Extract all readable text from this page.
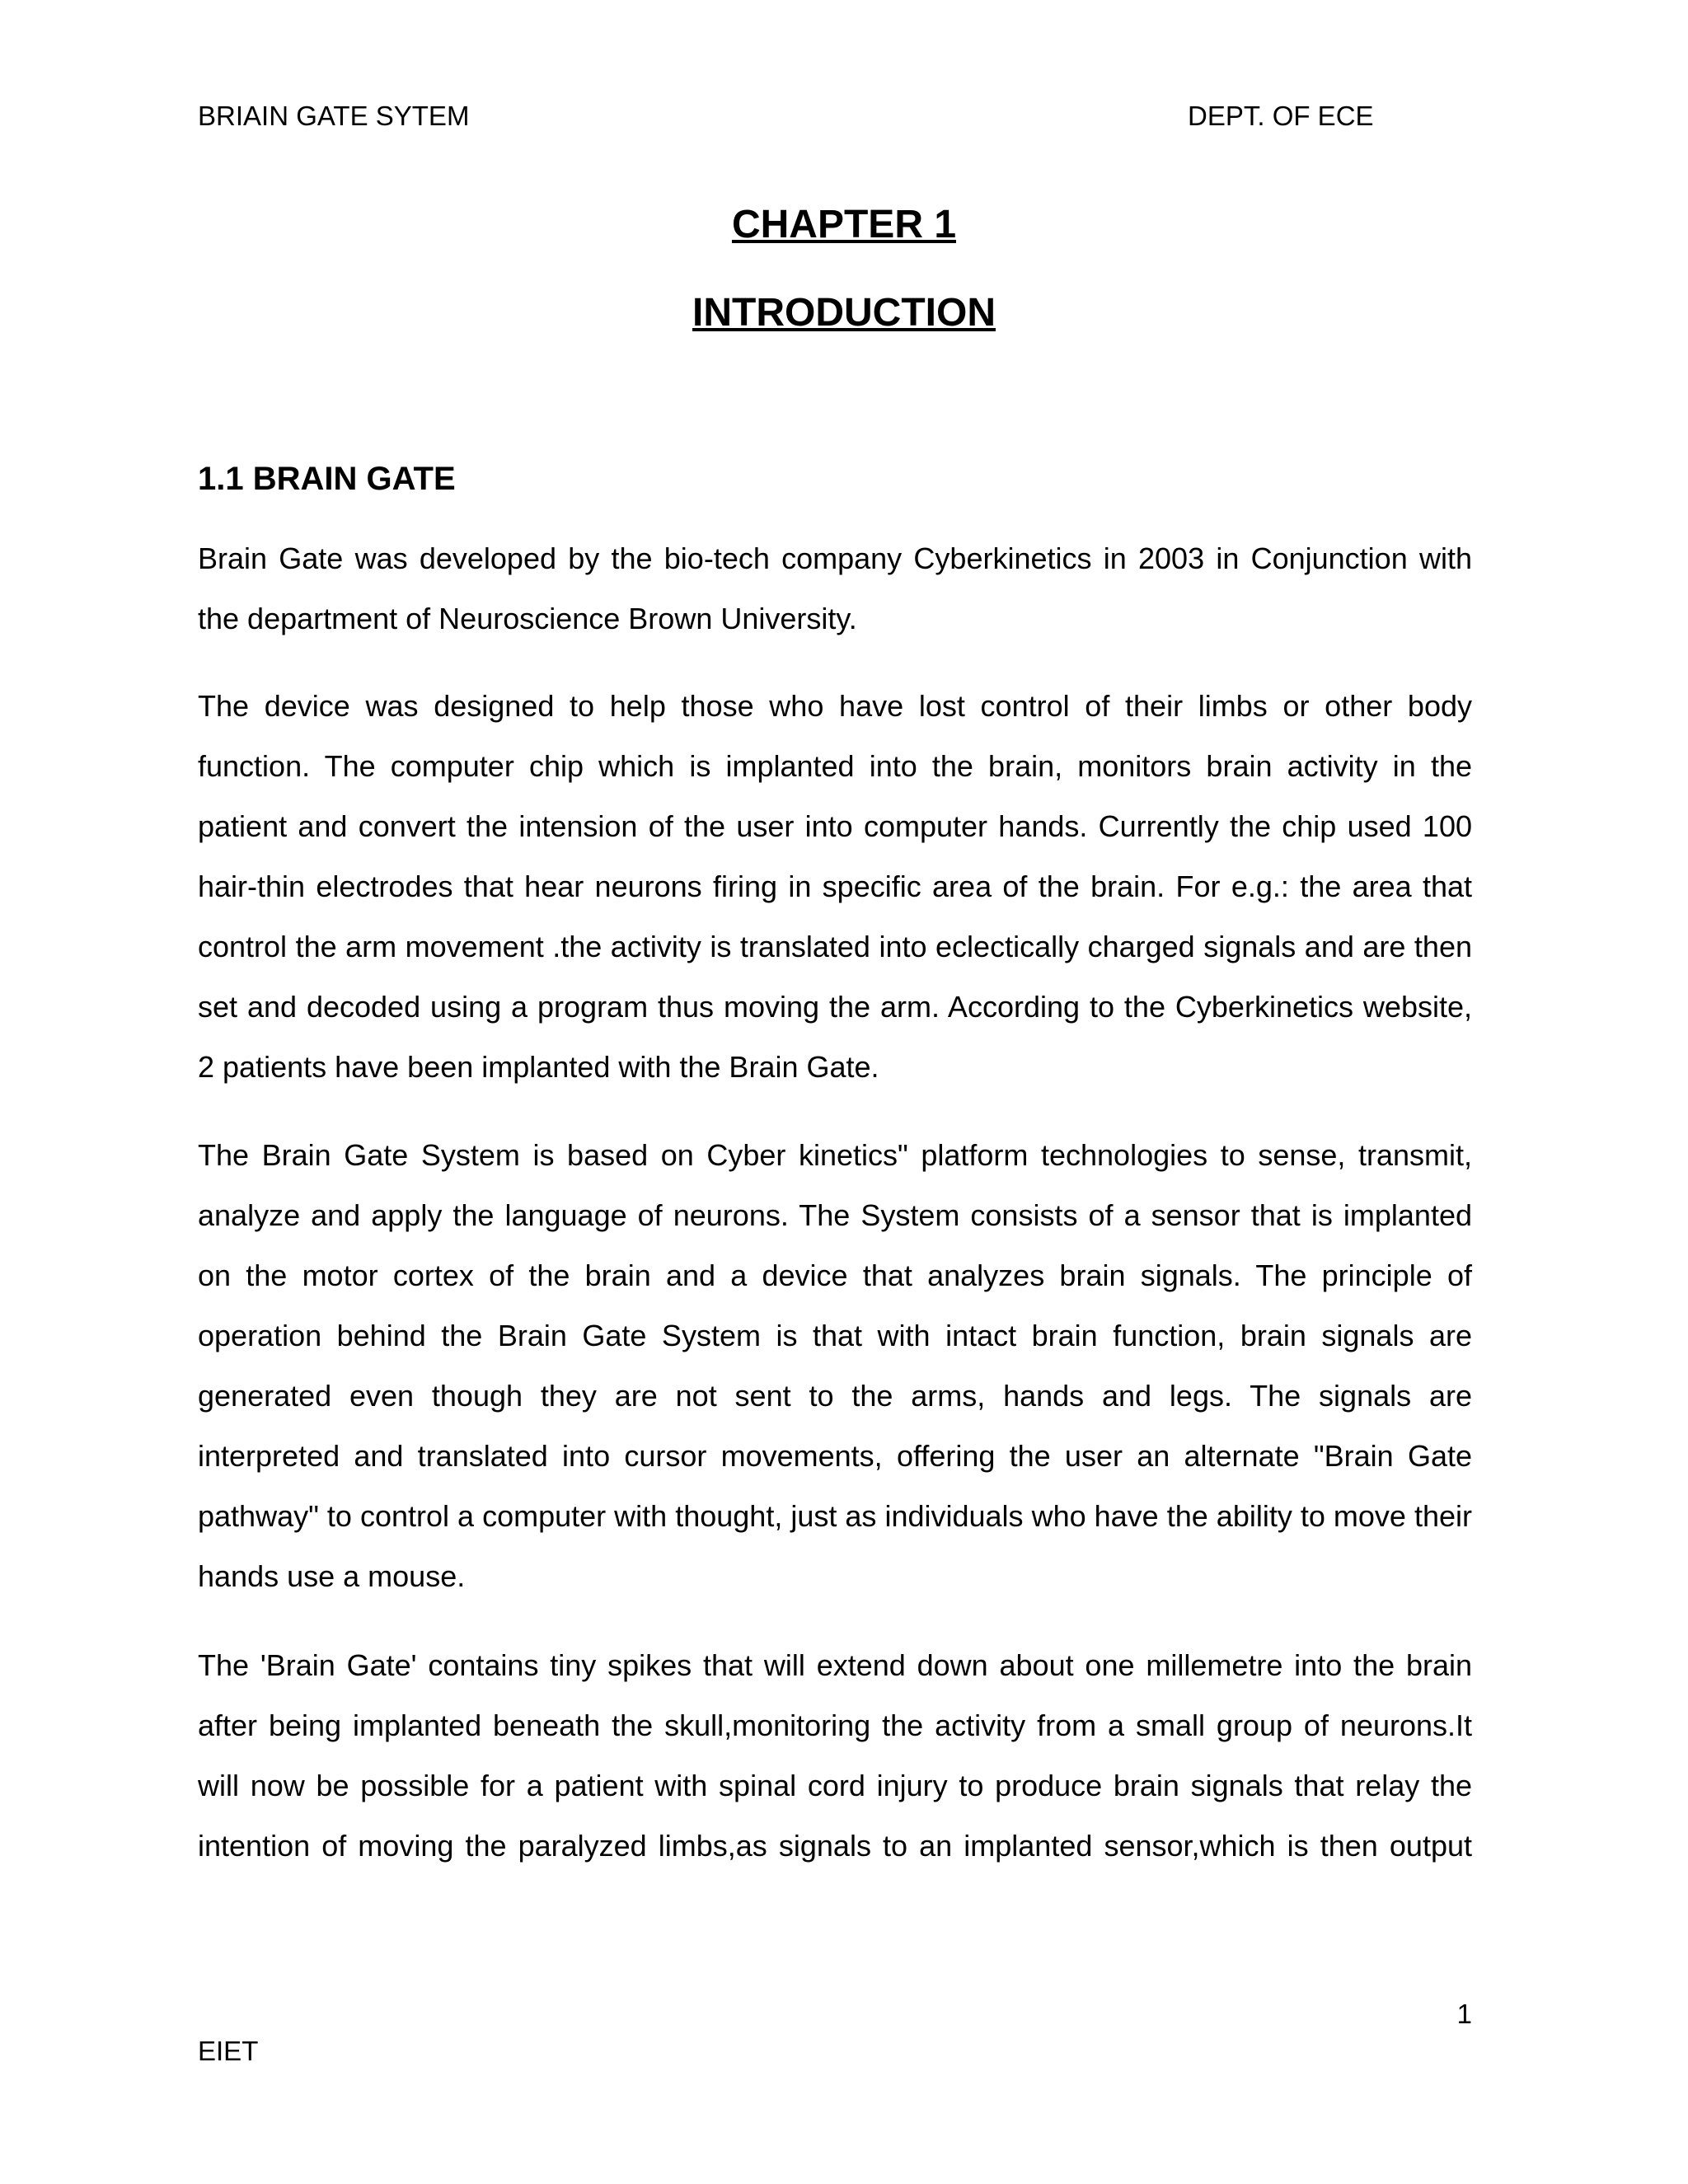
BRIAIN GATE SYTEM	DEPT. OF ECE
CHAPTER 1
INTRODUCTION
1.1 BRAIN GATE
Brain Gate was developed by the bio-tech company Cyberkinetics in 2003 in Conjunction with the department of Neuroscience Brown University.
The device was designed to help those who have lost control of their limbs or other body function. The computer chip which is implanted into the brain, monitors brain activity in the patient and convert the intension of the user into computer hands. Currently the chip used 100 hair-thin electrodes that hear neurons firing in specific area of the brain. For e.g.: the area that control the arm movement .the activity is translated into eclectically charged signals and are then set and decoded using a program thus moving the arm. According to the Cyberkinetics website, 2 patients have been implanted with the Brain Gate.
The Brain Gate System is based on Cyber kinetics" platform technologies to sense, transmit, analyze and apply the language of neurons. The System consists of a sensor that is implanted on the motor cortex of the brain and a device that analyzes brain signals. The principle of operation behind the Brain Gate System is that with intact brain function, brain signals are generated even though they are not sent to the arms, hands and legs. The signals are interpreted and translated into cursor movements, offering the user an alternate "Brain Gate pathway" to control a computer with thought, just as individuals who have the ability to move their hands use a mouse.
The 'Brain Gate' contains tiny spikes that will extend down about one millemetre into the brain after being implanted beneath the skull,monitoring the activity from a small group of neurons.It will now be possible for a patient with spinal cord injury to produce brain signals that relay the intention of moving the paralyzed limbs,as signals to an implanted sensor,which is then output
1
EIET
